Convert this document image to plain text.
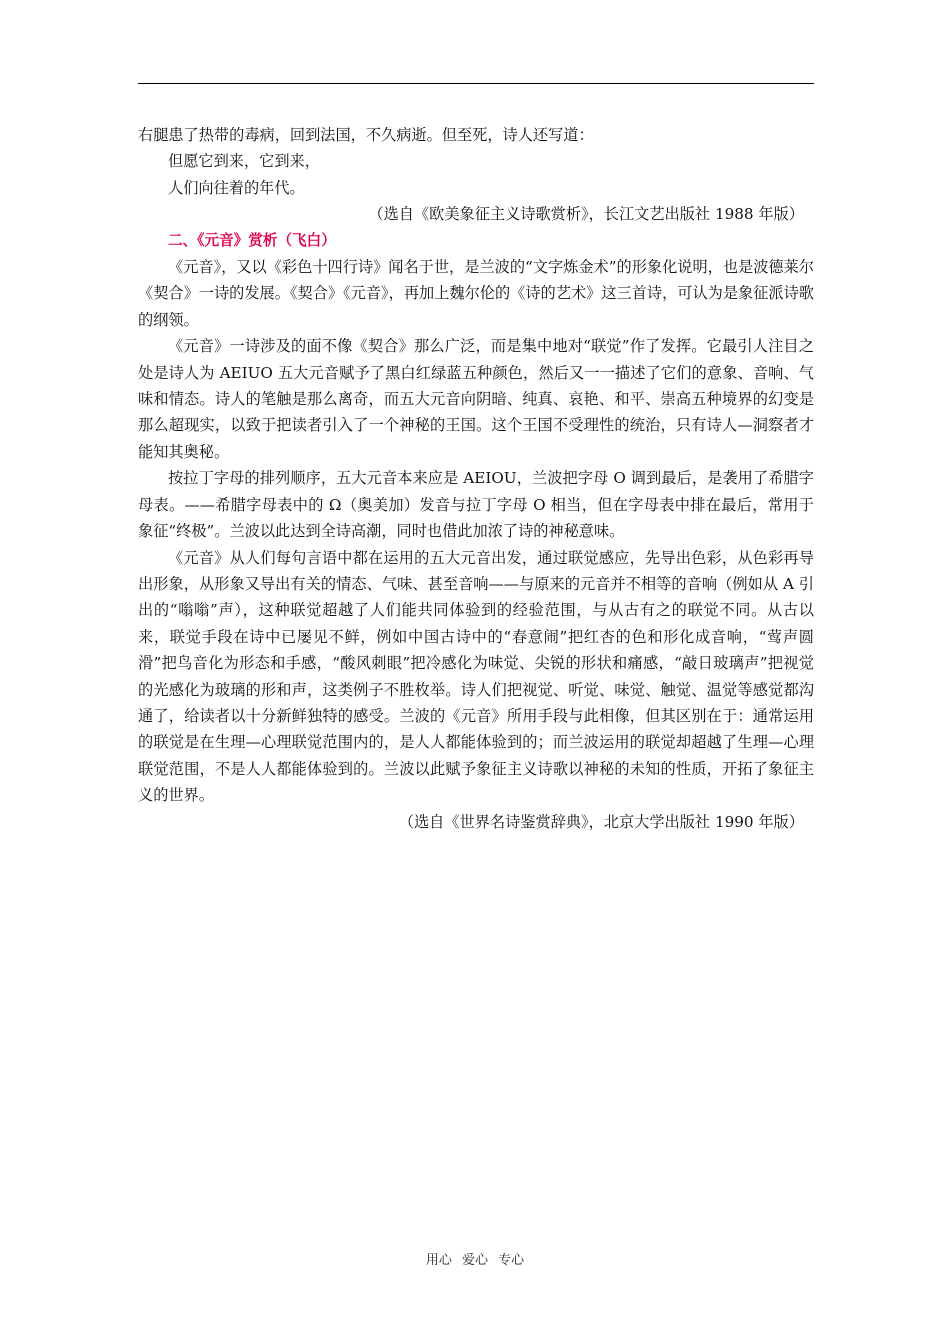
右腿患了热带的毒病，回到法国，不久病逝。但至死，诗人还写道：

但愿它到来，它到来，

人们向往着的年代。

（选自《欧美象征主义诗歌赏析》，长江文艺出版社 1988 年版）

二、《元音》赏析（飞白）

《元音》，又以《彩色十四行诗》闻名于世，是兰波的“文字炼金术”的形象化说明，也是波德莱尔《契合》一诗的发展。《契合》《元音》，再加上魏尔伦的《诗的艺术》这三首诗，可认为是象征派诗歌的纲领。

《元音》一诗涉及的面不像《契合》那么广泛，而是集中地对“联觉”作了发挥。它最引人注目之处是诗人为 AEIUO 五大元音赋予了黑白红绿蓝五种颜色，然后又一一描述了它们的意象、音响、气味和情态。诗人的笔触是那么离奇，而五大元音向阴暗、纯真、哀艳、和平、崇高五种境界的幻变是那么超现实，以致于把读者引入了一个神秘的王国。这个王国不受理性的统治，只有诗人—洞察者才能知其奥秘。

按拉丁字母的排列顺序，五大元音本来应是 AEIOU，兰波把字母 O 调到最后，是袭用了希腊字母表。——希腊字母表中的 Ω（奥美加）发音与拉丁字母 O 相当，但在字母表中排在最后，常用于象征“终极”。兰波以此达到全诗高潮，同时也借此加浓了诗的神秘意味。

《元音》从人们每句言语中都在运用的五大元音出发，通过联觉感应，先导出色彩，从色彩再导出形象，从形象又导出有关的情态、气味、甚至音响——与原来的元音并不相等的音响（例如从 A 引出的“嗡嗡”声），这种联觉超越了人们能共同体验到的经验范围，与从古有之的联觉不同。从古以来，联觉手段在诗中已屡见不鲜，例如中国古诗中的“春意闹”把红杏的色和形化成音响，“莺声圆滑”把鸟音化为形态和手感，“酸风刺眼”把冷感化为味觉、尖锐的形状和痛感，“敲日玻璃声”把视觉的光感化为玻璃的形和声，这类例子不胜枚举。诗人们把视觉、听觉、味觉、触觉、温觉等感觉都沟通了，给读者以十分新鲜独特的感受。兰波的《元音》所用手段与此相像，但其区别在于：通常运用的联觉是在生理—心理联觉范围内的，是人人都能体验到的；而兰波运用的联觉却超越了生理—心理联觉范围，不是人人都能体验到的。兰波以此赋予象征主义诗歌以神秘的未知的性质，开拓了象征主义的世界。

（选自《世界名诗鉴赏辞典》，北京大学出版社 1990 年版）

用心 爱心 专心
